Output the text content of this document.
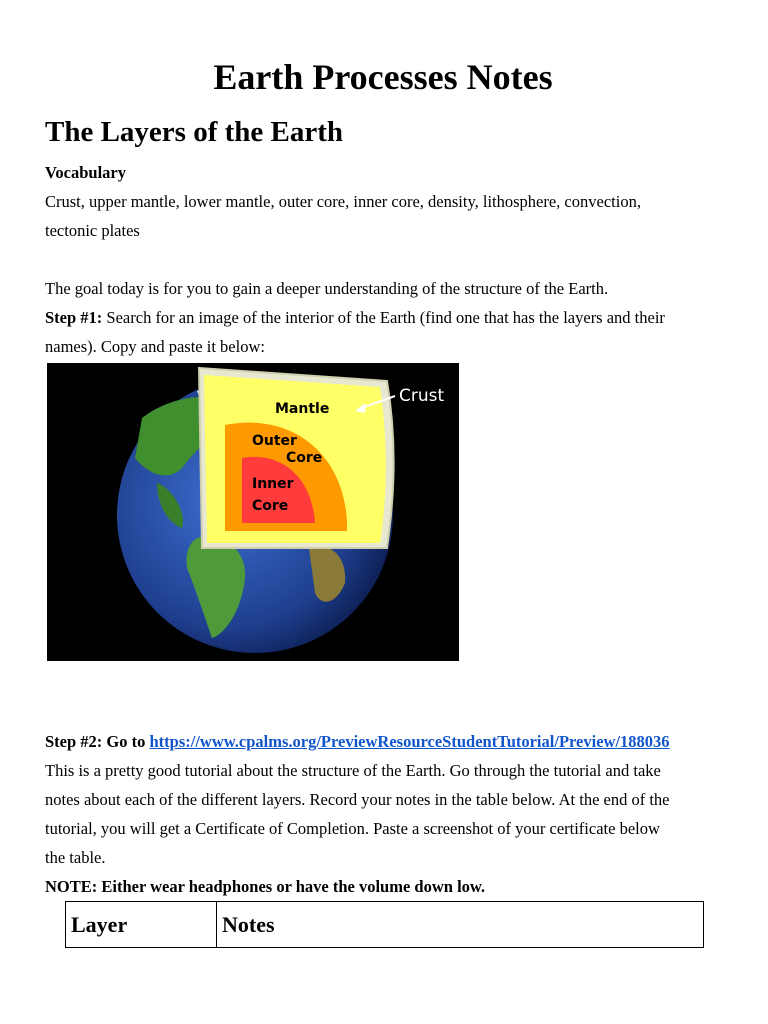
Earth Processes Notes
The Layers of the Earth
Vocabulary
Crust, upper mantle, lower mantle, outer core, inner core, density, lithosphere, convection,
tectonic plates
The goal today is for you to gain a deeper understanding of the structure of the Earth.
Step #1: Search for an image of the interior of the Earth (find one that has the layers and their
names). Copy and paste it below:
Mantle
Outer
Core
Inner
Core
Crust
Step #2: Go to https://www.cpalms.org/PreviewResourceStudentTutorial/Preview/188036
This is a pretty good tutorial about the structure of the Earth. Go through the tutorial and take
notes about each of the different layers. Record your notes in the table below. At the end of the
tutorial, you will get a Certificate of Completion. Paste a screenshot of your certificate below
the table.
NOTE: Either wear headphones or have the volume down low.
Layer	Notes
